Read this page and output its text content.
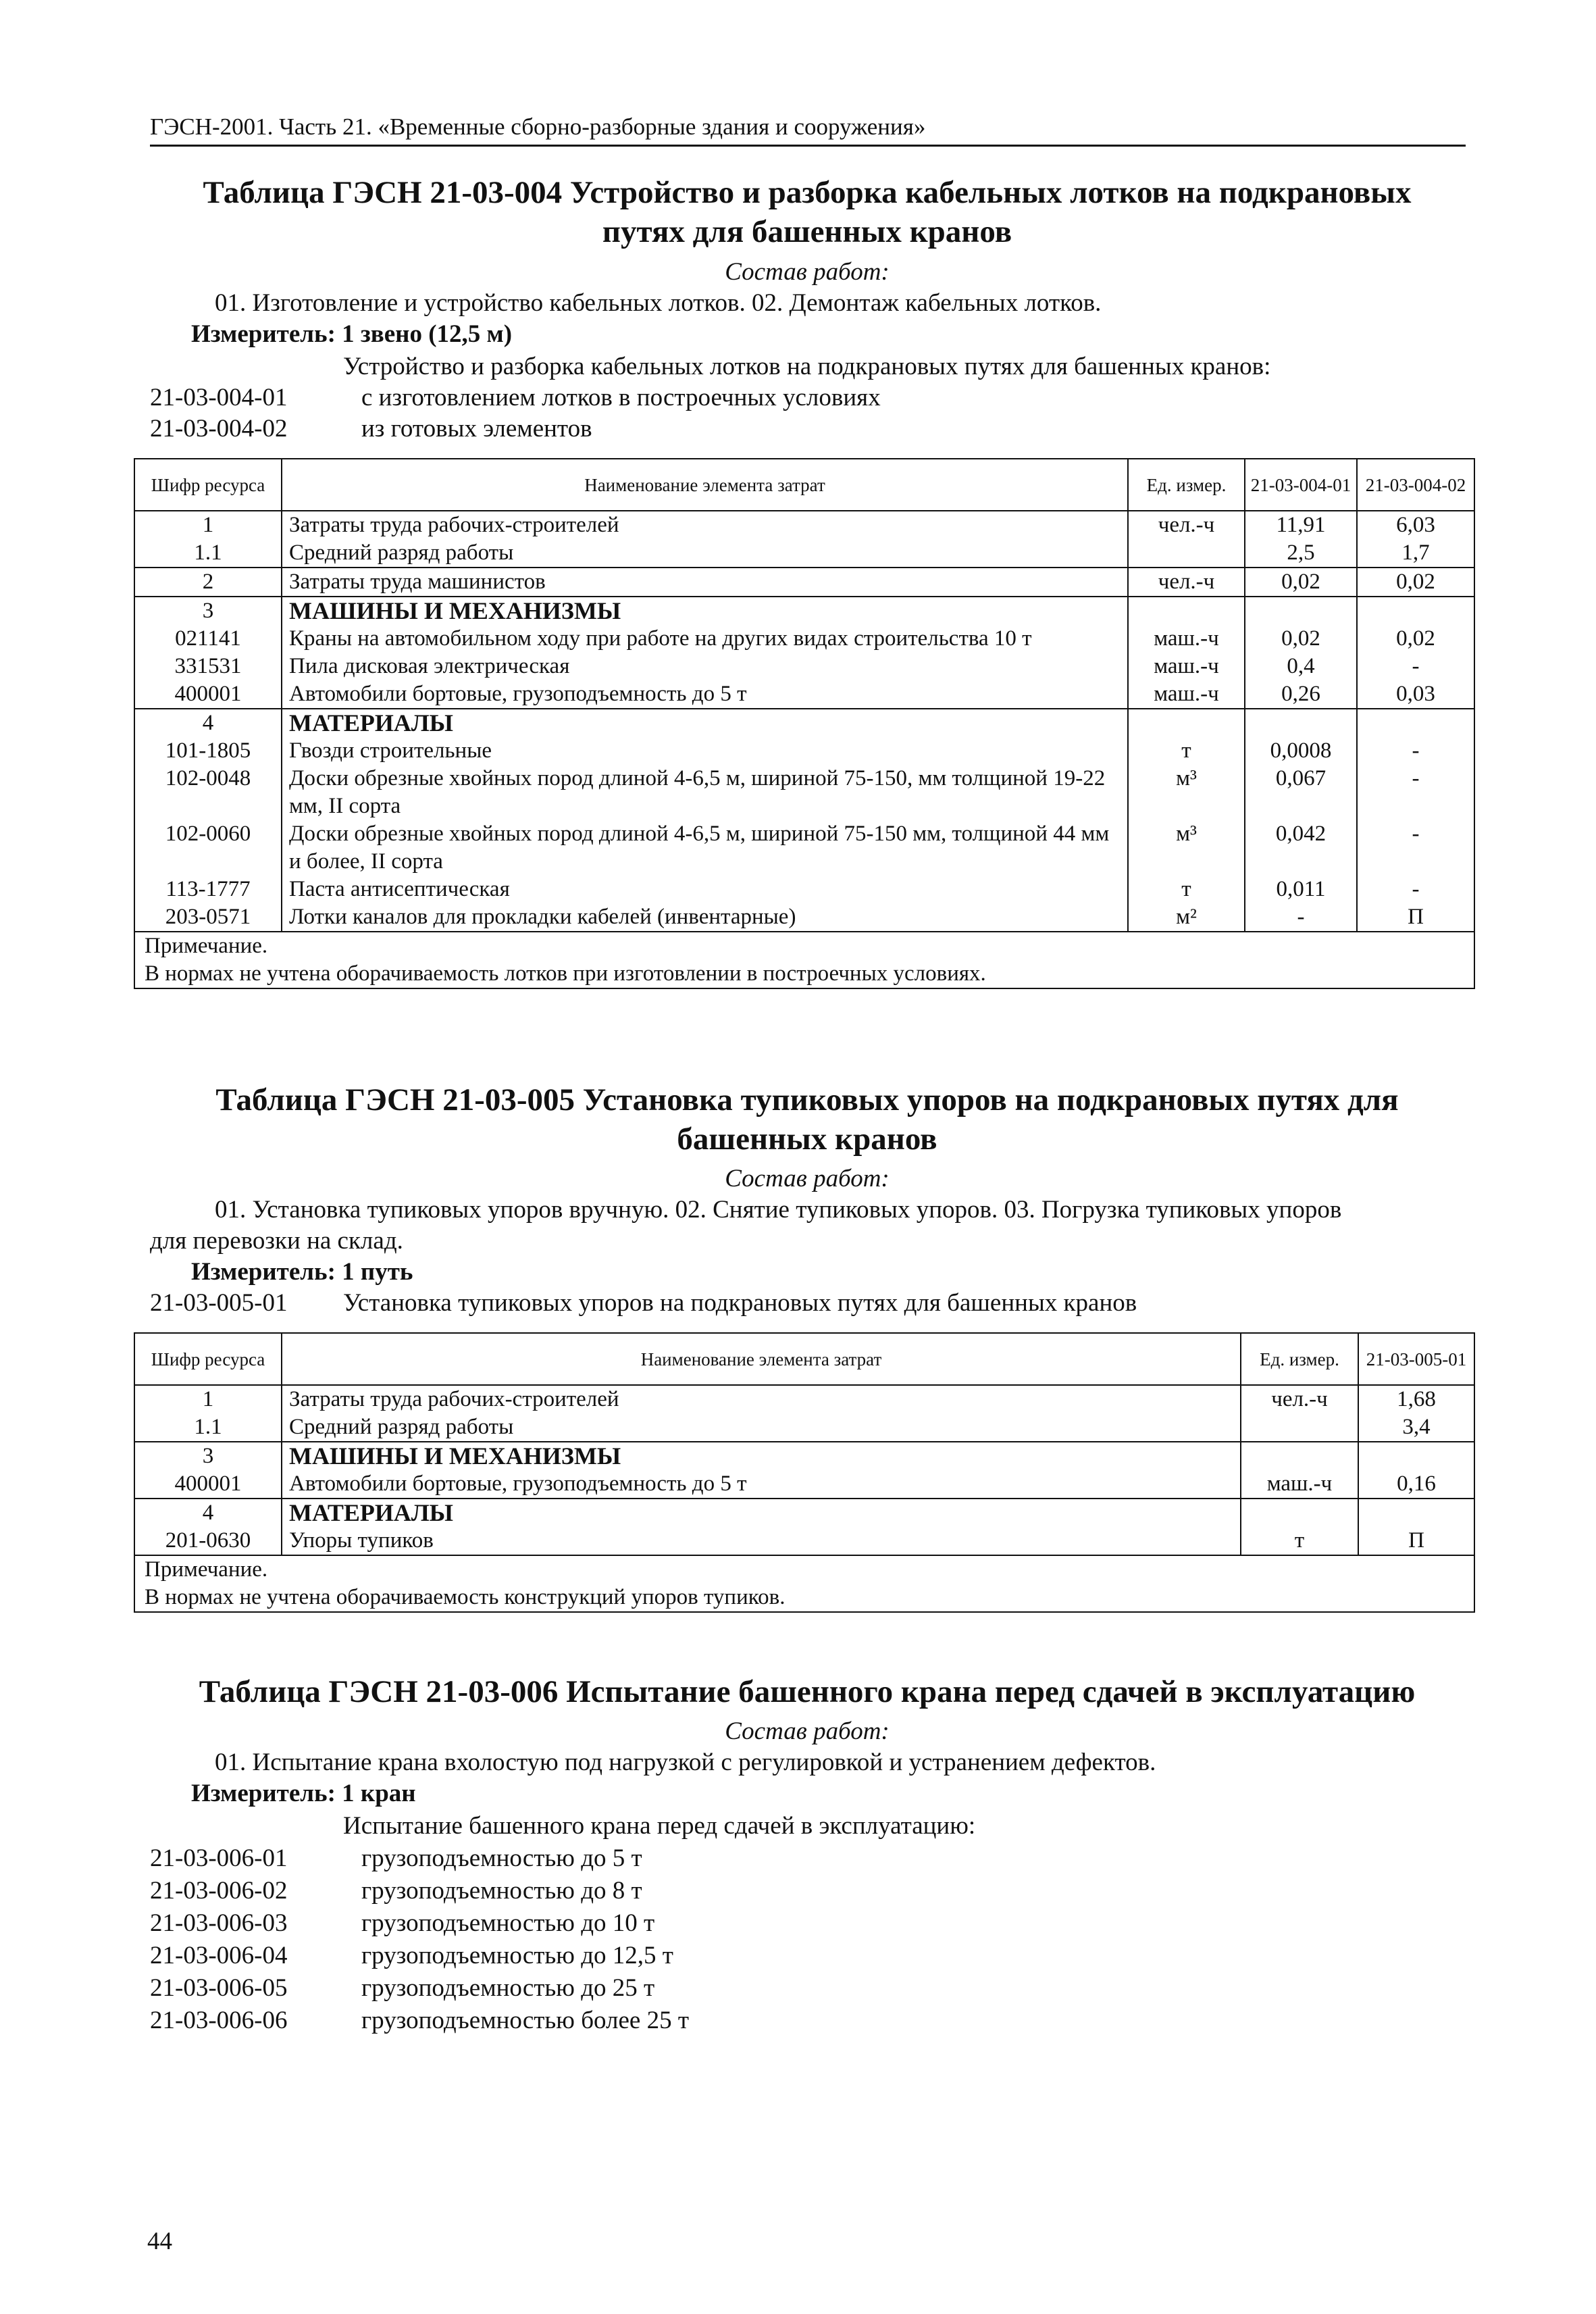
ГЭСН-2001. Часть 21. «Временные сборно-разборные здания и сооружения»
Таблица ГЭСН 21-03-004 Устройство и разборка кабельных лотков на подкрановых
путях для башенных кранов
Состав работ:
01. Изготовление и устройство кабельных лотков. 02. Демонтаж кабельных лотков.
Измеритель: 1 звено (12,5 м)
Устройство и разборка кабельных лотков на подкрановых путях для башенных кранов:
21-03-004-01	с изготовлением лотков в построечных условиях
21-03-004-02	из готовых элементов
Шифр ресурса	Наименование элемента затрат	Ед. измер.	21-03-004-01	21-03-004-02
1	Затраты труда рабочих-строителей	чел.-ч	11,91	6,03
1.1	Средний разряд работы		2,5	1,7
2	Затраты труда машинистов	чел.-ч	0,02	0,02
3	МАШИНЫ И МЕХАНИЗМЫ			
021141	Краны на автомобильном ходу при работе на других видах строительства 10 т	маш.-ч	0,02	0,02
331531	Пила дисковая электрическая	маш.-ч	0,4	-
400001	Автомобили бортовые, грузоподъемность до 5 т	маш.-ч	0,26	0,03
4	МАТЕРИАЛЫ			
101-1805	Гвозди строительные	т	0,0008	-
102-0048	Доски обрезные хвойных пород длиной 4-6,5 м, шириной 75-150, мм толщиной 19-22 мм, II сорта	м³	0,067	-
102-0060	Доски обрезные хвойных пород длиной 4-6,5 м, шириной 75-150 мм, толщиной 44 мм и более, II сорта	м³	0,042	-
113-1777	Паста антисептическая	т	0,011	-
203-0571	Лотки каналов для прокладки кабелей (инвентарные)	м²	-	П

Примечание.
В нормах не учтена оборачиваемость лотков при изготовлении в построечных условиях.				
Таблица ГЭСН 21-03-005 Установка тупиковых упоров на подкрановых путях для
башенных кранов
Состав работ:
01. Установка тупиковых упоров вручную. 02. Снятие тупиковых упоров. 03. Погрузка тупиковых упоров
для перевозки на склад.
Измеритель: 1 путь
21-03-005-01 Установка тупиковых упоров на подкрановых путях для башенных кранов
Шифр ресурса	Наименование элемента затрат	Ед. измер.	21-03-005-01
1	Затраты труда рабочих-строителей	чел.-ч	1,68
1.1	Средний разряд работы		3,4
3	МАШИНЫ И МЕХАНИЗМЫ		
400001	Автомобили бортовые, грузоподъемность до 5 т	маш.-ч	0,16
4	МАТЕРИАЛЫ		
201-0630	Упоры тупиков	т	П

Примечание.
В нормах не учтена оборачиваемость конструкций упоров тупиков.			
Таблица ГЭСН 21-03-006 Испытание башенного крана перед сдачей в эксплуатацию
Состав работ:
01. Испытание крана вхолостую под нагрузкой с регулировкой и устранением дефектов.
Измеритель: 1 кран
Испытание башенного крана перед сдачей в эксплуатацию:
21-03-006-01	грузоподъемностью до 5 т
21-03-006-02	грузоподъемностью до 8 т
21-03-006-03	грузоподъемностью до 10 т
21-03-006-04	грузоподъемностью до 12,5 т
21-03-006-05	грузоподъемностью до 25 т
21-03-006-06	грузоподъемностью более 25 т
44
